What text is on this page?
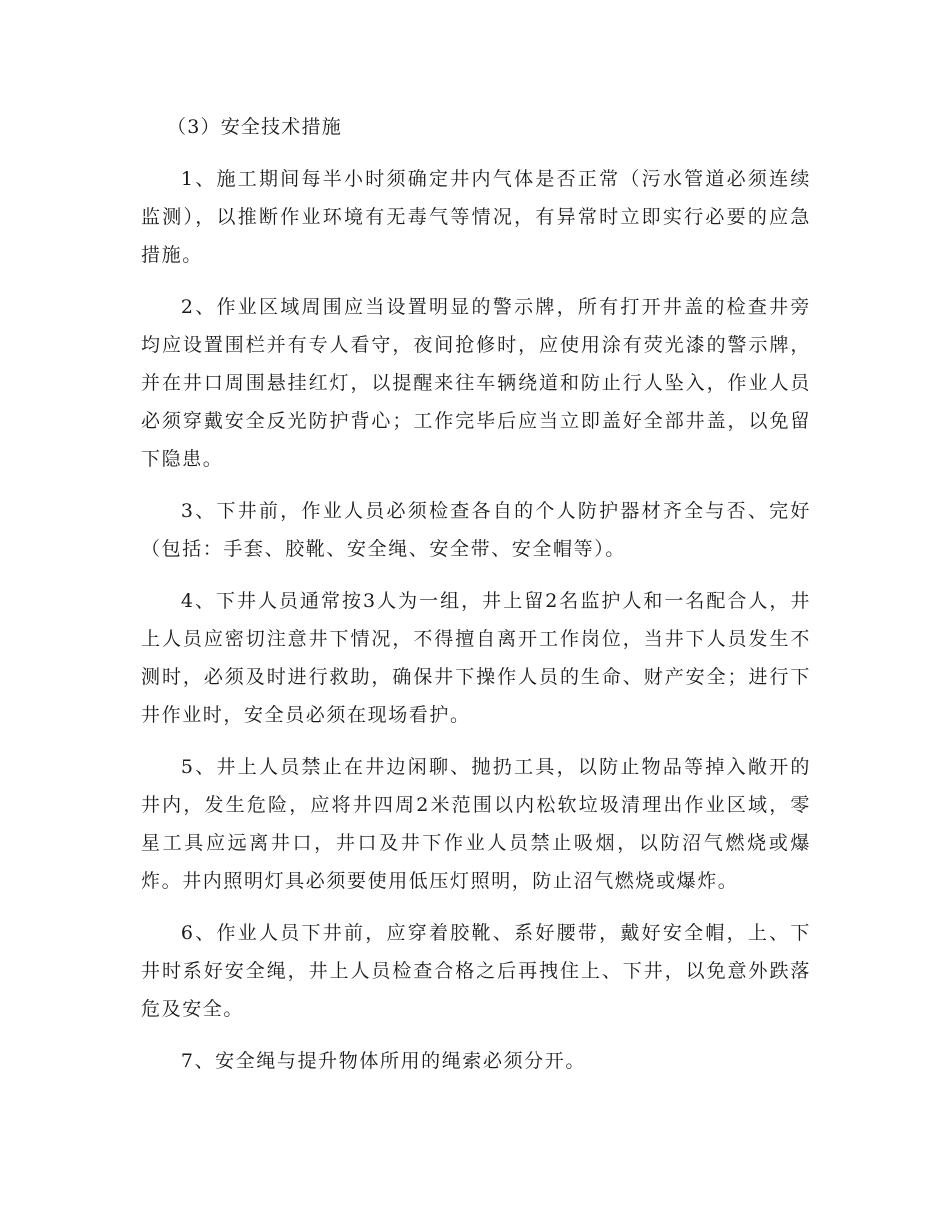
（3）安全技术措施

1、施工期间每半小时须确定井内气体是否正常（污水管道必须连续监测），以推断作业环境有无毒气等情况，有异常时立即实行必要的应急措施。

2、作业区域周围应当设置明显的警示牌，所有打开井盖的检查井旁均应设置围栏并有专人看守，夜间抢修时，应使用涂有荧光漆的警示牌，并在井口周围悬挂红灯，以提醒来往车辆绕道和防止行人坠入，作业人员必须穿戴安全反光防护背心；工作完毕后应当立即盖好全部井盖，以免留下隐患。

3、下井前，作业人员必须检查各自的个人防护器材齐全与否、完好（包括：手套、胶靴、安全绳、安全带、安全帽等）。

4、下井人员通常按3人为一组，井上留2名监护人和一名配合人，井上人员应密切注意井下情况，不得擅自离开工作岗位，当井下人员发生不测时，必须及时进行救助，确保井下操作人员的生命、财产安全；进行下井作业时，安全员必须在现场看护。

5、井上人员禁止在井边闲聊、抛扔工具，以防止物品等掉入敞开的井内，发生危险，应将井四周2米范围以内松软垃圾清理出作业区域，零星工具应远离井口，井口及井下作业人员禁止吸烟，以防沼气燃烧或爆炸。井内照明灯具必须要使用低压灯照明，防止沼气燃烧或爆炸。

6、作业人员下井前，应穿着胶靴、系好腰带，戴好安全帽，上、下井时系好安全绳，井上人员检查合格之后再拽住上、下井，以免意外跌落危及安全。

7、安全绳与提升物体所用的绳索必须分开。
